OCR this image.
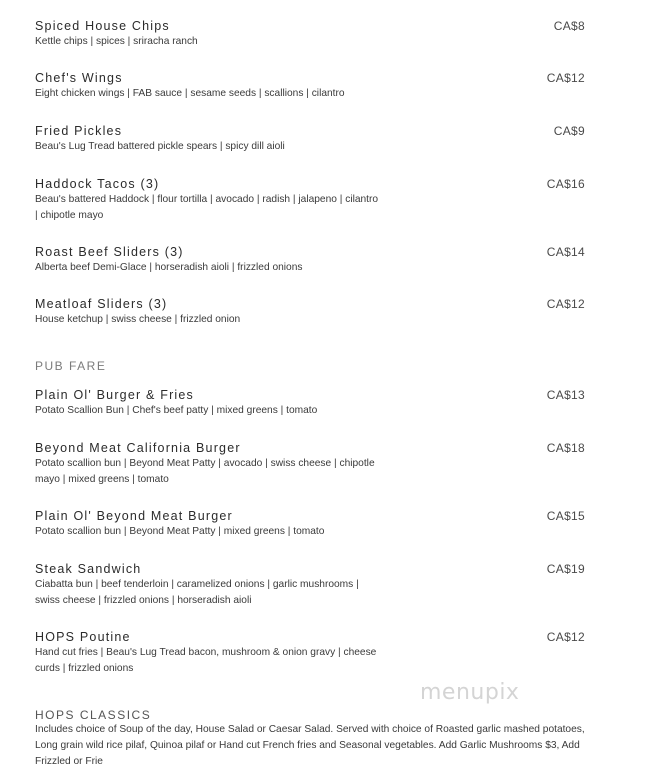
Spiced House Chips
Kettle chips | spices | sriracha ranch
CA$8
Chef's Wings
Eight chicken wings | FAB sauce | sesame seeds | scallions | cilantro
CA$12
Fried Pickles
Beau's Lug Tread battered pickle spears | spicy dill aioli
CA$9
Haddock Tacos (3)
Beau's battered Haddock | flour tortilla | avocado | radish | jalapeno | cilantro | chipotle mayo
CA$16
Roast Beef Sliders (3)
Alberta beef Demi-Glace | horseradish aioli | frizzled onions
CA$14
Meatloaf Sliders (3)
House ketchup | swiss cheese | frizzled onion
CA$12
PUB FARE
Plain Ol' Burger & Fries
Potato Scallion Bun | Chef's beef patty | mixed greens | tomato
CA$13
Beyond Meat California Burger
Potato scallion bun | Beyond Meat Patty | avocado | swiss cheese | chipotle mayo | mixed greens | tomato
CA$18
Plain Ol' Beyond Meat Burger
Potato scallion bun | Beyond Meat Patty | mixed greens | tomato
CA$15
Steak Sandwich
Ciabatta bun | beef tenderloin | caramelized onions | garlic mushrooms | swiss cheese | frizzled onions | horseradish aioli
CA$19
HOPS Poutine
Hand cut fries | Beau's Lug Tread bacon, mushroom & onion gravy | cheese curds | frizzled onions
CA$12
menupix
HOPS CLASSICS
Includes choice of Soup of the day, House Salad or Caesar Salad. Served with choice of Roasted garlic mashed potatoes, Long grain wild rice pilaf, Quinoa pilaf or Hand cut French fries and Seasonal vegetables. Add Garlic Mushrooms $3, Add Frizzled or Frie
